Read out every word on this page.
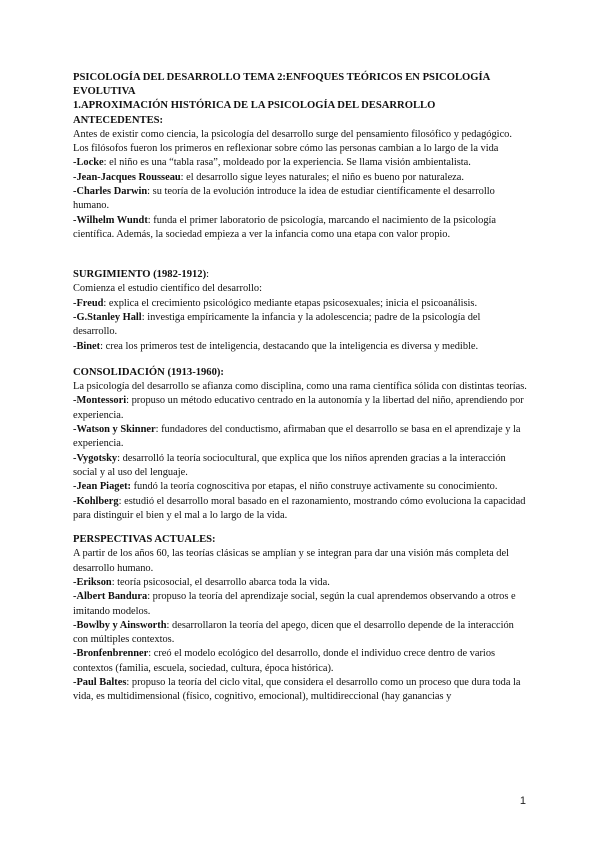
PSICOLOGÍA DEL DESARROLLO TEMA 2:ENFOQUES TEÓRICOS EN PSICOLOGÍA EVOLUTIVA
1.APROXIMACIÓN HISTÓRICA DE LA PSICOLOGÍA DEL DESARROLLO
ANTECEDENTES:

Antes de existir como ciencia, la psicología del desarrollo surge del pensamiento filosófico y pedagógico. Los filósofos fueron los primeros en reflexionar sobre cómo las personas cambian a lo largo de la vida

-Locke: el niño es una “tabla rasa”, moldeado por la experiencia. Se llama visión ambientalista.

-Jean-Jacques Rousseau: el desarrollo sigue leyes naturales; el niño es bueno por naturaleza.

-Charles Darwin: su teoría de la evolución introduce la idea de estudiar científicamente el desarrollo humano.

-Wilhelm Wundt: funda el primer laboratorio de psicología, marcando el nacimiento de la psicología científica. Además, la sociedad empieza a ver la infancia como una etapa con valor propio.

SURGIMIENTO (1982-1912):

Comienza el estudio científico del desarrollo:

-Freud: explica el crecimiento psicológico mediante etapas psicosexuales; inicia el psicoanálisis.

-G.Stanley Hall: investiga empíricamente la infancia y la adolescencia; padre de la psicología del desarrollo.

-Binet: crea los primeros test de inteligencia, destacando que la inteligencia es diversa y medible.

CONSOLIDACIÓN (1913-1960):

La psicología del desarrollo se afianza como disciplina, como una rama científica sólida con distintas teorías.

-Montessori: propuso un método educativo centrado en la autonomía y la libertad del niño, aprendiendo por experiencia.

-Watson y Skinner: fundadores del conductismo, afirmaban que el desarrollo se basa en el aprendizaje y la experiencia.

-Vygotsky: desarrolló la teoría sociocultural, que explica que los niños aprenden gracias a la interacción social y al uso del lenguaje.

-Jean Piaget: fundó la teoría cognoscitiva por etapas, el niño construye activamente su conocimiento.

-Kohlberg: estudió el desarrollo moral basado en el razonamiento, mostrando cómo evoluciona la capacidad para distinguir el bien y el mal a lo largo de la vida.

PERSPECTIVAS ACTUALES:

A partir de los años 60, las teorías clásicas se amplían y se integran para dar una visión más completa del desarrollo humano.

-Erikson: teoría psicosocial, el desarrollo abarca toda la vida.

-Albert Bandura: propuso la teoría del aprendizaje social, según la cual aprendemos observando a otros e imitando modelos.

-Bowlby y Ainsworth: desarrollaron la teoría del apego, dicen que el desarrollo depende de la interacción con múltiples contextos.

-Bronfenbrenner: creó el modelo ecológico del desarrollo, donde el individuo crece dentro de varios contextos (familia, escuela, sociedad, cultura, época histórica).

-Paul Baltes: propuso la teoría del ciclo vital, que considera el desarrollo como un proceso que dura toda la vida, es multidimensional (físico, cognitivo, emocional), multidireccional (hay ganancias y

1
